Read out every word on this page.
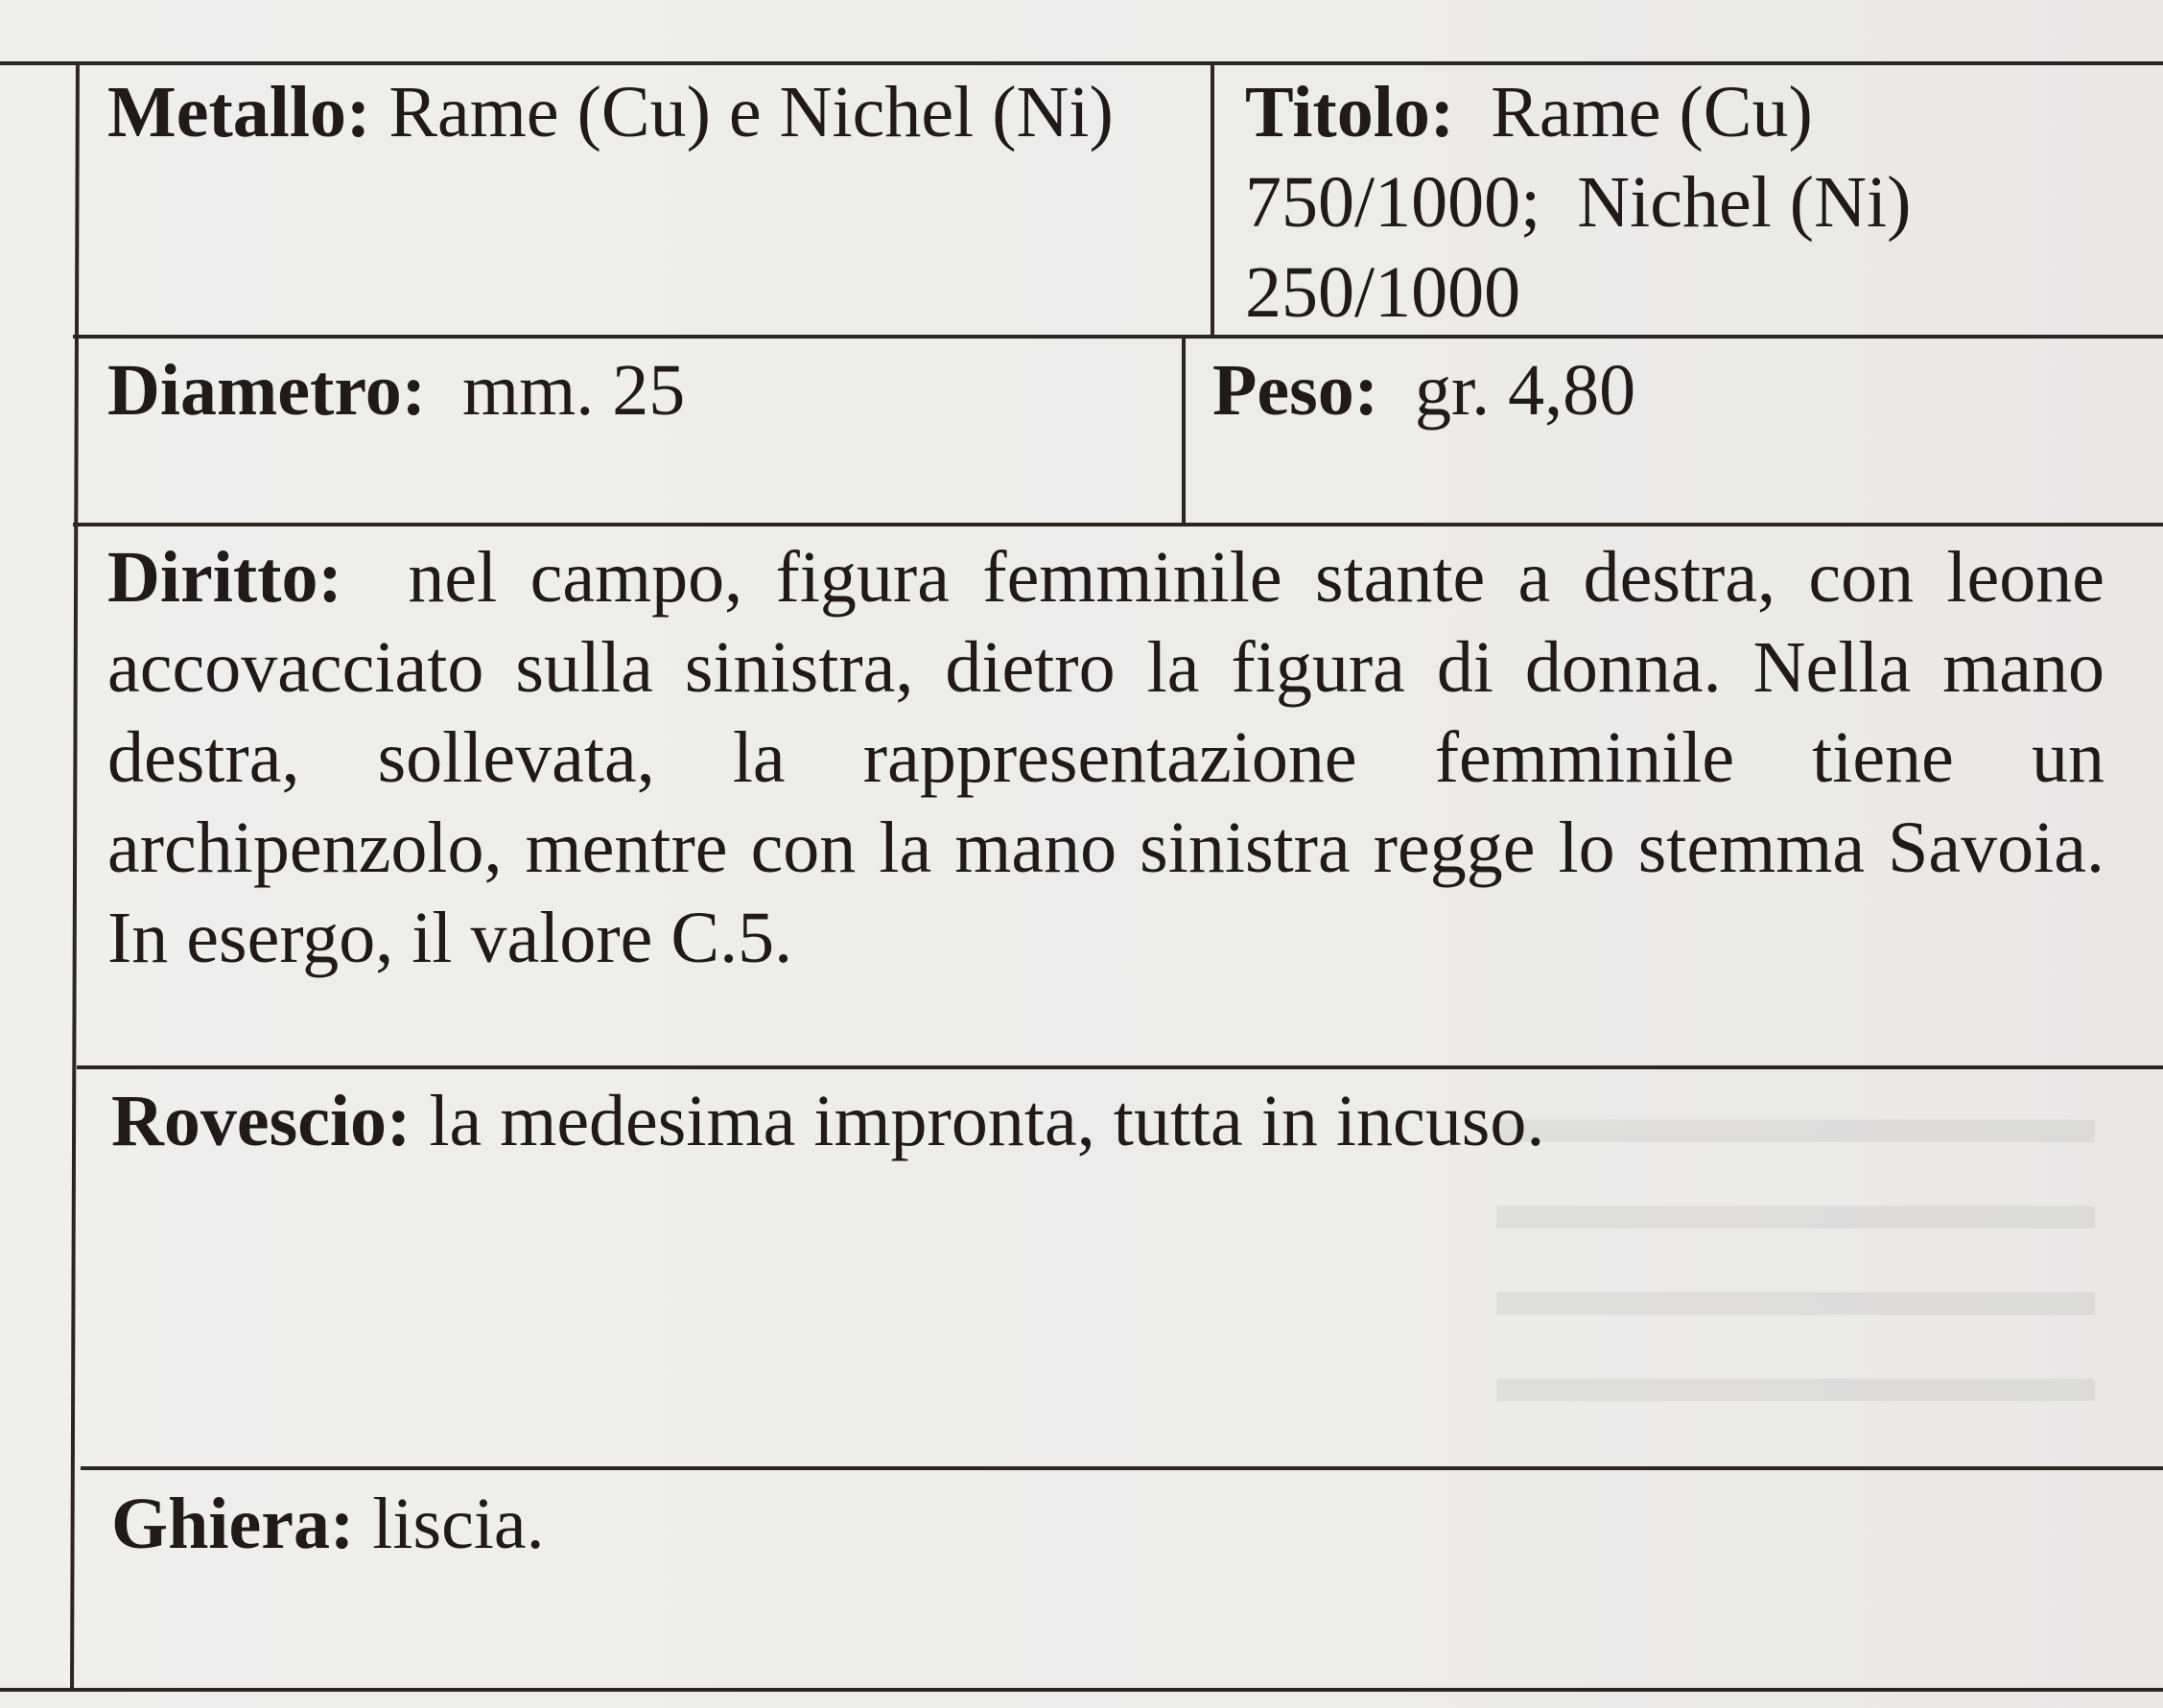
▬▬▬▬▬▬▬▬
▬▬▬▬▬▬▬▬
▬▬▬▬▬▬▬▬
▬▬▬▬▬▬▬▬
Metallo: Rame (Cu) e Nichel (Ni)	Titolo: Rame (Cu)
750/1000;  Nichel (Ni)
250/1000
Diametro: mm. 25	Peso: gr. 4,80
Diritto: nel campo, figura femminile stante a destra, con leone accovacciato sulla sinistra, dietro la figura di donna. Nella mano destra, sollevata, la rappresentazione femminile tiene un archipenzolo, mentre con la mano sinistra regge lo stemma Savoia. In esergo, il valore C.5.
Rovescio: la medesima impronta, tutta in incuso.
Ghiera: liscia.
